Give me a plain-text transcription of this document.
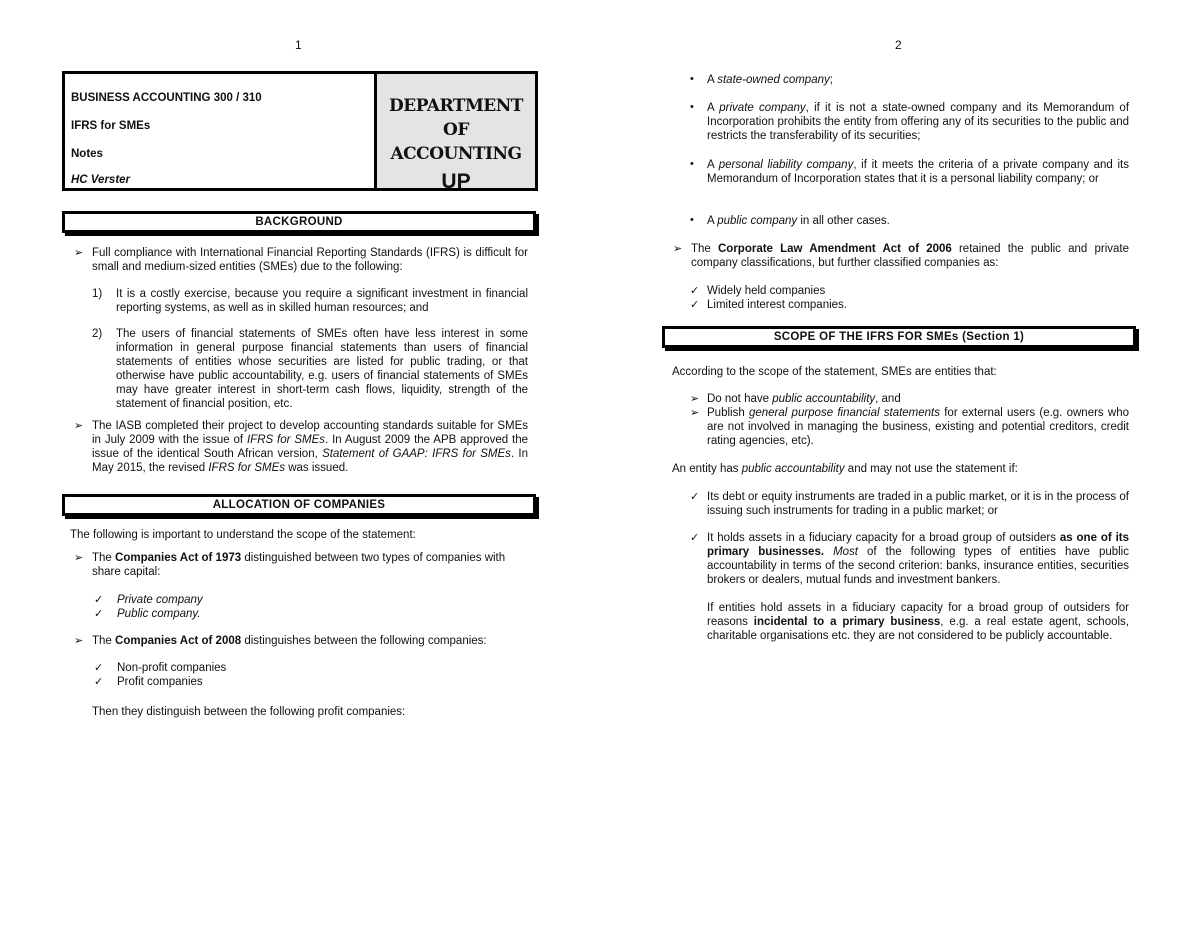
1	2
BUSINESS ACCOUNTING 300 / 310
IFRS for SMEs
Notes
HC Verster
DEPARTMENT OF
ACCOUNTING
UP
BACKGROUND
➢ Full compliance with International Financial Reporting Standards (IFRS) is difficult for small and medium-sized entities (SMEs) due to the following:
1) It is a costly exercise, because you require a significant investment in financial reporting systems, as well as in skilled human resources; and
2) The users of financial statements of SMEs often have less interest in some information in general purpose financial statements than users of financial statements of entities whose securities are listed for public trading, or that otherwise have public accountability, e.g. users of financial statements of SMEs may have greater interest in short-term cash flows, liquidity, strength of the statement of financial position, etc.
➢ The IASB completed their project to develop accounting standards suitable for SMEs in July 2009 with the issue of IFRS for SMEs. In August 2009 the APB approved the issue of the identical South African version, Statement of GAAP: IFRS for SMEs. In May 2015, the revised IFRS for SMEs was issued.
ALLOCATION OF COMPANIES
The following is important to understand the scope of the statement:
➢ The Companies Act of 1973 distinguished between two types of companies with share capital:
✓ Private company
✓ Public company.
➢ The Companies Act of 2008 distinguishes between the following companies:
✓ Non-profit companies
✓ Profit companies
Then they distinguish between the following profit companies:
• A state-owned company;
• A private company, if it is not a state-owned company and its Memorandum of Incorporation prohibits the entity from offering any of its securities to the public and restricts the transferability of its securities;
• A personal liability company, if it meets the criteria of a private company and its Memorandum of Incorporation states that it is a personal liability company; or
• A public company in all other cases.
➢ The Corporate Law Amendment Act of 2006 retained the public and private company classifications, but further classified companies as:
✓ Widely held companies
✓ Limited interest companies.
SCOPE OF THE IFRS FOR SMEs (Section 1)
According to the scope of the statement, SMEs are entities that:
➢ Do not have public accountability, and
➢ Publish general purpose financial statements for external users (e.g. owners who are not involved in managing the business, existing and potential creditors, credit rating agencies, etc).
An entity has public accountability and may not use the statement if:
✓ Its debt or equity instruments are traded in a public market, or it is in the process of issuing such instruments for trading in a public market; or
✓ It holds assets in a fiduciary capacity for a broad group of outsiders as one of its primary businesses. Most of the following types of entities have public accountability in terms of the second criterion: banks, insurance entities, securities brokers or dealers, mutual funds and investment bankers.
If entities hold assets in a fiduciary capacity for a broad group of outsiders for reasons incidental to a primary business, e.g. a real estate agent, schools, charitable organisations etc. they are not considered to be publicly accountable.
